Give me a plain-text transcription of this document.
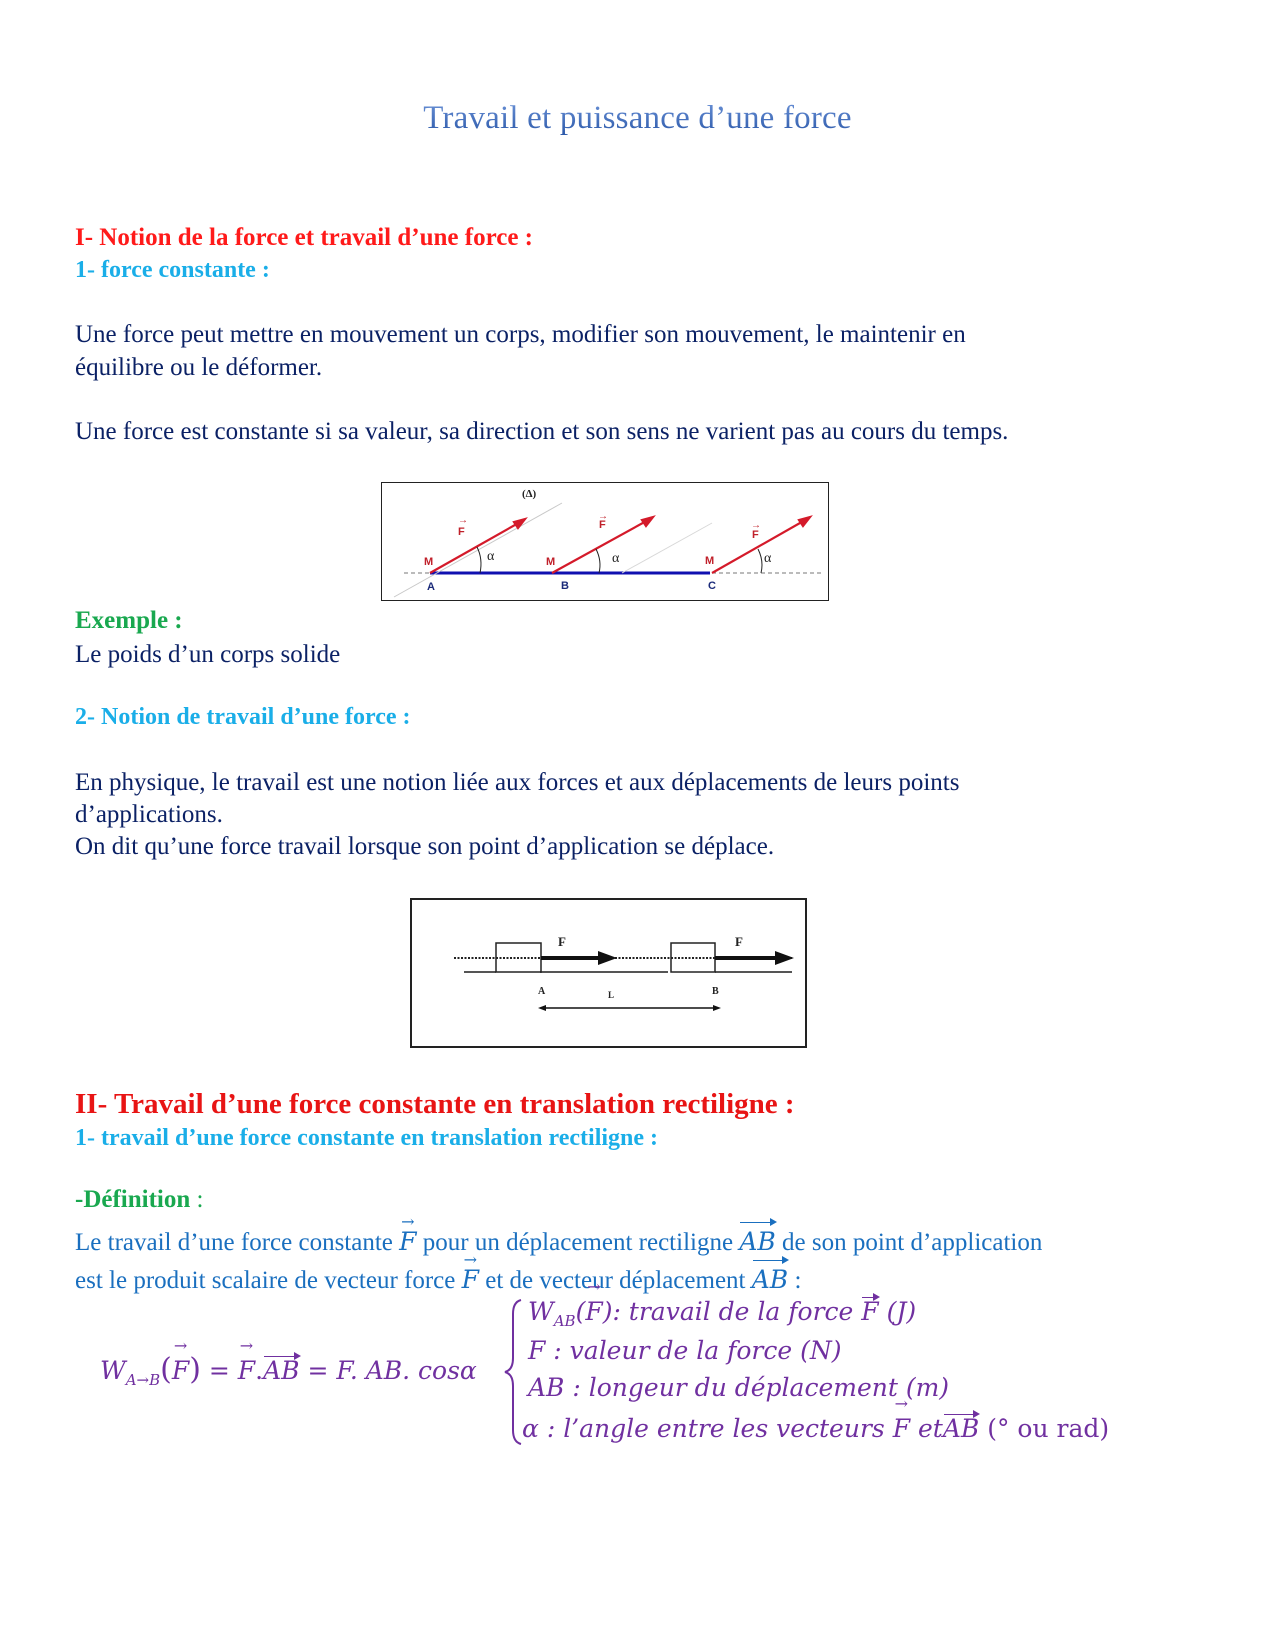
Travail et puissance d’une force
I- Notion de la force et travail d’une force :
1- force constante :
Une force peut mettre en mouvement un corps, modifier son mouvement, le maintenir en
équilibre ou le déformer.
Une force est constante si sa valeur, sa direction et son sens ne varient pas au cours du temps.
(Δ)
F
→	F
→
F
→
M	M	M
α	α	α
A	B	C
Exemple :
Le poids d’un corps solide
2- Notion de travail d’une force :
En physique, le travail est une notion liée aux forces et aux déplacements de leurs points
d’applications.
On dit qu’une force travail lorsque son point d’application se déplace.
F	F
A	B
L
II- Travail d’une force constante en translation rectiligne :
1- travail d’une force constante en translation rectiligne :
-Définition :
Le travail d’une force constante → F pour un déplacement rectiligne AB de son point d’application
est le produit scalaire de vecteur force → F et de vecteur déplacement AB :
$W_{A\to B}(\to F)$ = → F.AB = F. AB. cosα
$W_{AB}(\to F)$: travail de la force F (J)
F : valeur de la force (N)
AB : longeur du déplacement (m)
α : l’angle entre les vecteurs → F etAB (° ou rad)
